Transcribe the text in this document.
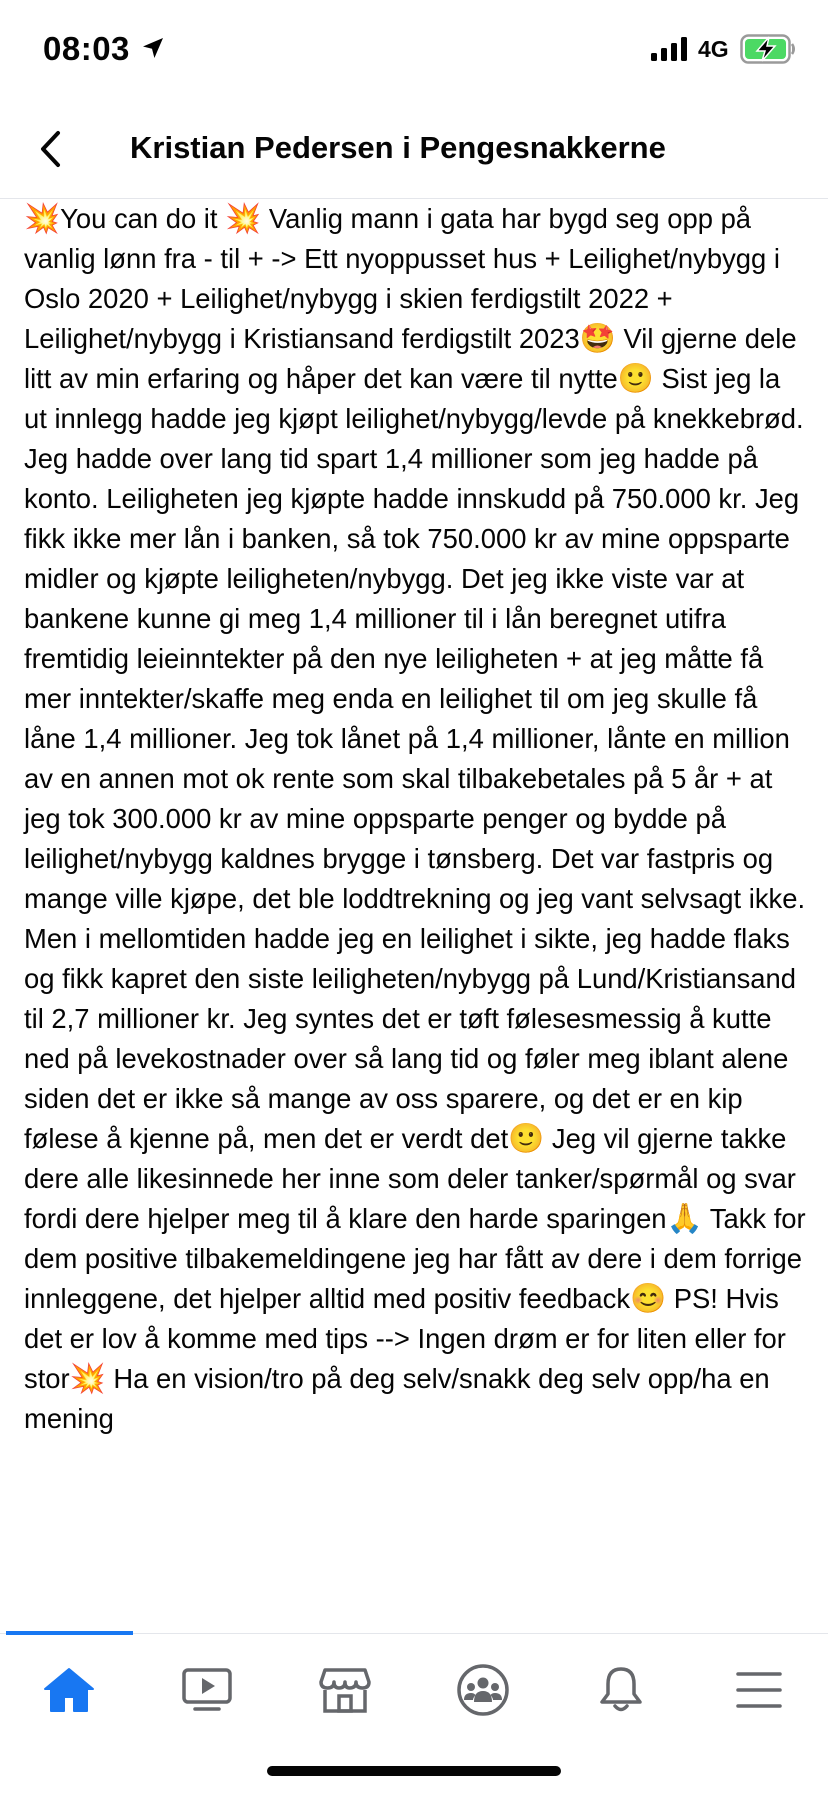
08:03	4G
Kristian Pedersen i Pengesnakkerne

💥You can do it 💥 Vanlig mann i gata har bygd seg opp på vanlig lønn fra - til + -> Ett nyoppusset hus + Leilighet/nybygg i Oslo 2020 + Leilighet/nybygg i skien ferdigstilt 2022 + Leilighet/nybygg i Kristiansand ferdigstilt 2023🤩 Vil gjerne dele litt av min erfaring og håper det kan være til nytte🙂 Sist jeg la ut innlegg hadde jeg kjøpt leilighet/nybygg/levde på knekkebrød. Jeg hadde over lang tid spart 1,4 millioner som jeg hadde på konto. Leiligheten jeg kjøpte hadde innskudd på 750.000 kr. Jeg fikk ikke mer lån i banken, så tok 750.000 kr av mine oppsparte midler og kjøpte leiligheten/nybygg. Det jeg ikke viste var at bankene kunne gi meg 1,4 millioner til i lån beregnet utifra fremtidig leieinntekter på den nye leiligheten + at jeg måtte få mer inntekter/skaffe meg enda en leilighet til om jeg skulle få låne 1,4 millioner. Jeg tok lånet på 1,4 millioner, lånte en million av en annen mot ok rente som skal tilbakebetales på 5 år + at jeg tok 300.000 kr av mine oppsparte penger og bydde på leilighet/nybygg kaldnes brygge i tønsberg. Det var fastpris og mange ville kjøpe, det ble loddtrekning og jeg vant selvsagt ikke. Men i mellomtiden hadde jeg en leilighet i sikte, jeg hadde flaks og fikk kapret den siste leiligheten/nybygg på Lund/Kristiansand til 2,7 millioner kr. Jeg syntes det er tøft følesesmessig å kutte ned på levekostnader over så lang tid og føler meg iblant alene siden det er ikke så mange av oss sparere, og det er en kip følese å kjenne på, men det er verdt det🙂 Jeg vil gjerne takke dere alle likesinnede her inne som deler tanker/spørmål og svar fordi dere hjelper meg til å klare den harde sparingen🙏 Takk for dem positive tilbakemeldingene jeg har fått av dere i dem forrige innleggene, det hjelper alltid med positiv feedback😊 PS! Hvis det er lov å komme med tips --> Ingen drøm er for liten eller for stor💥 Ha en vision/tro på deg selv/snakk deg selv opp/ha en mening
